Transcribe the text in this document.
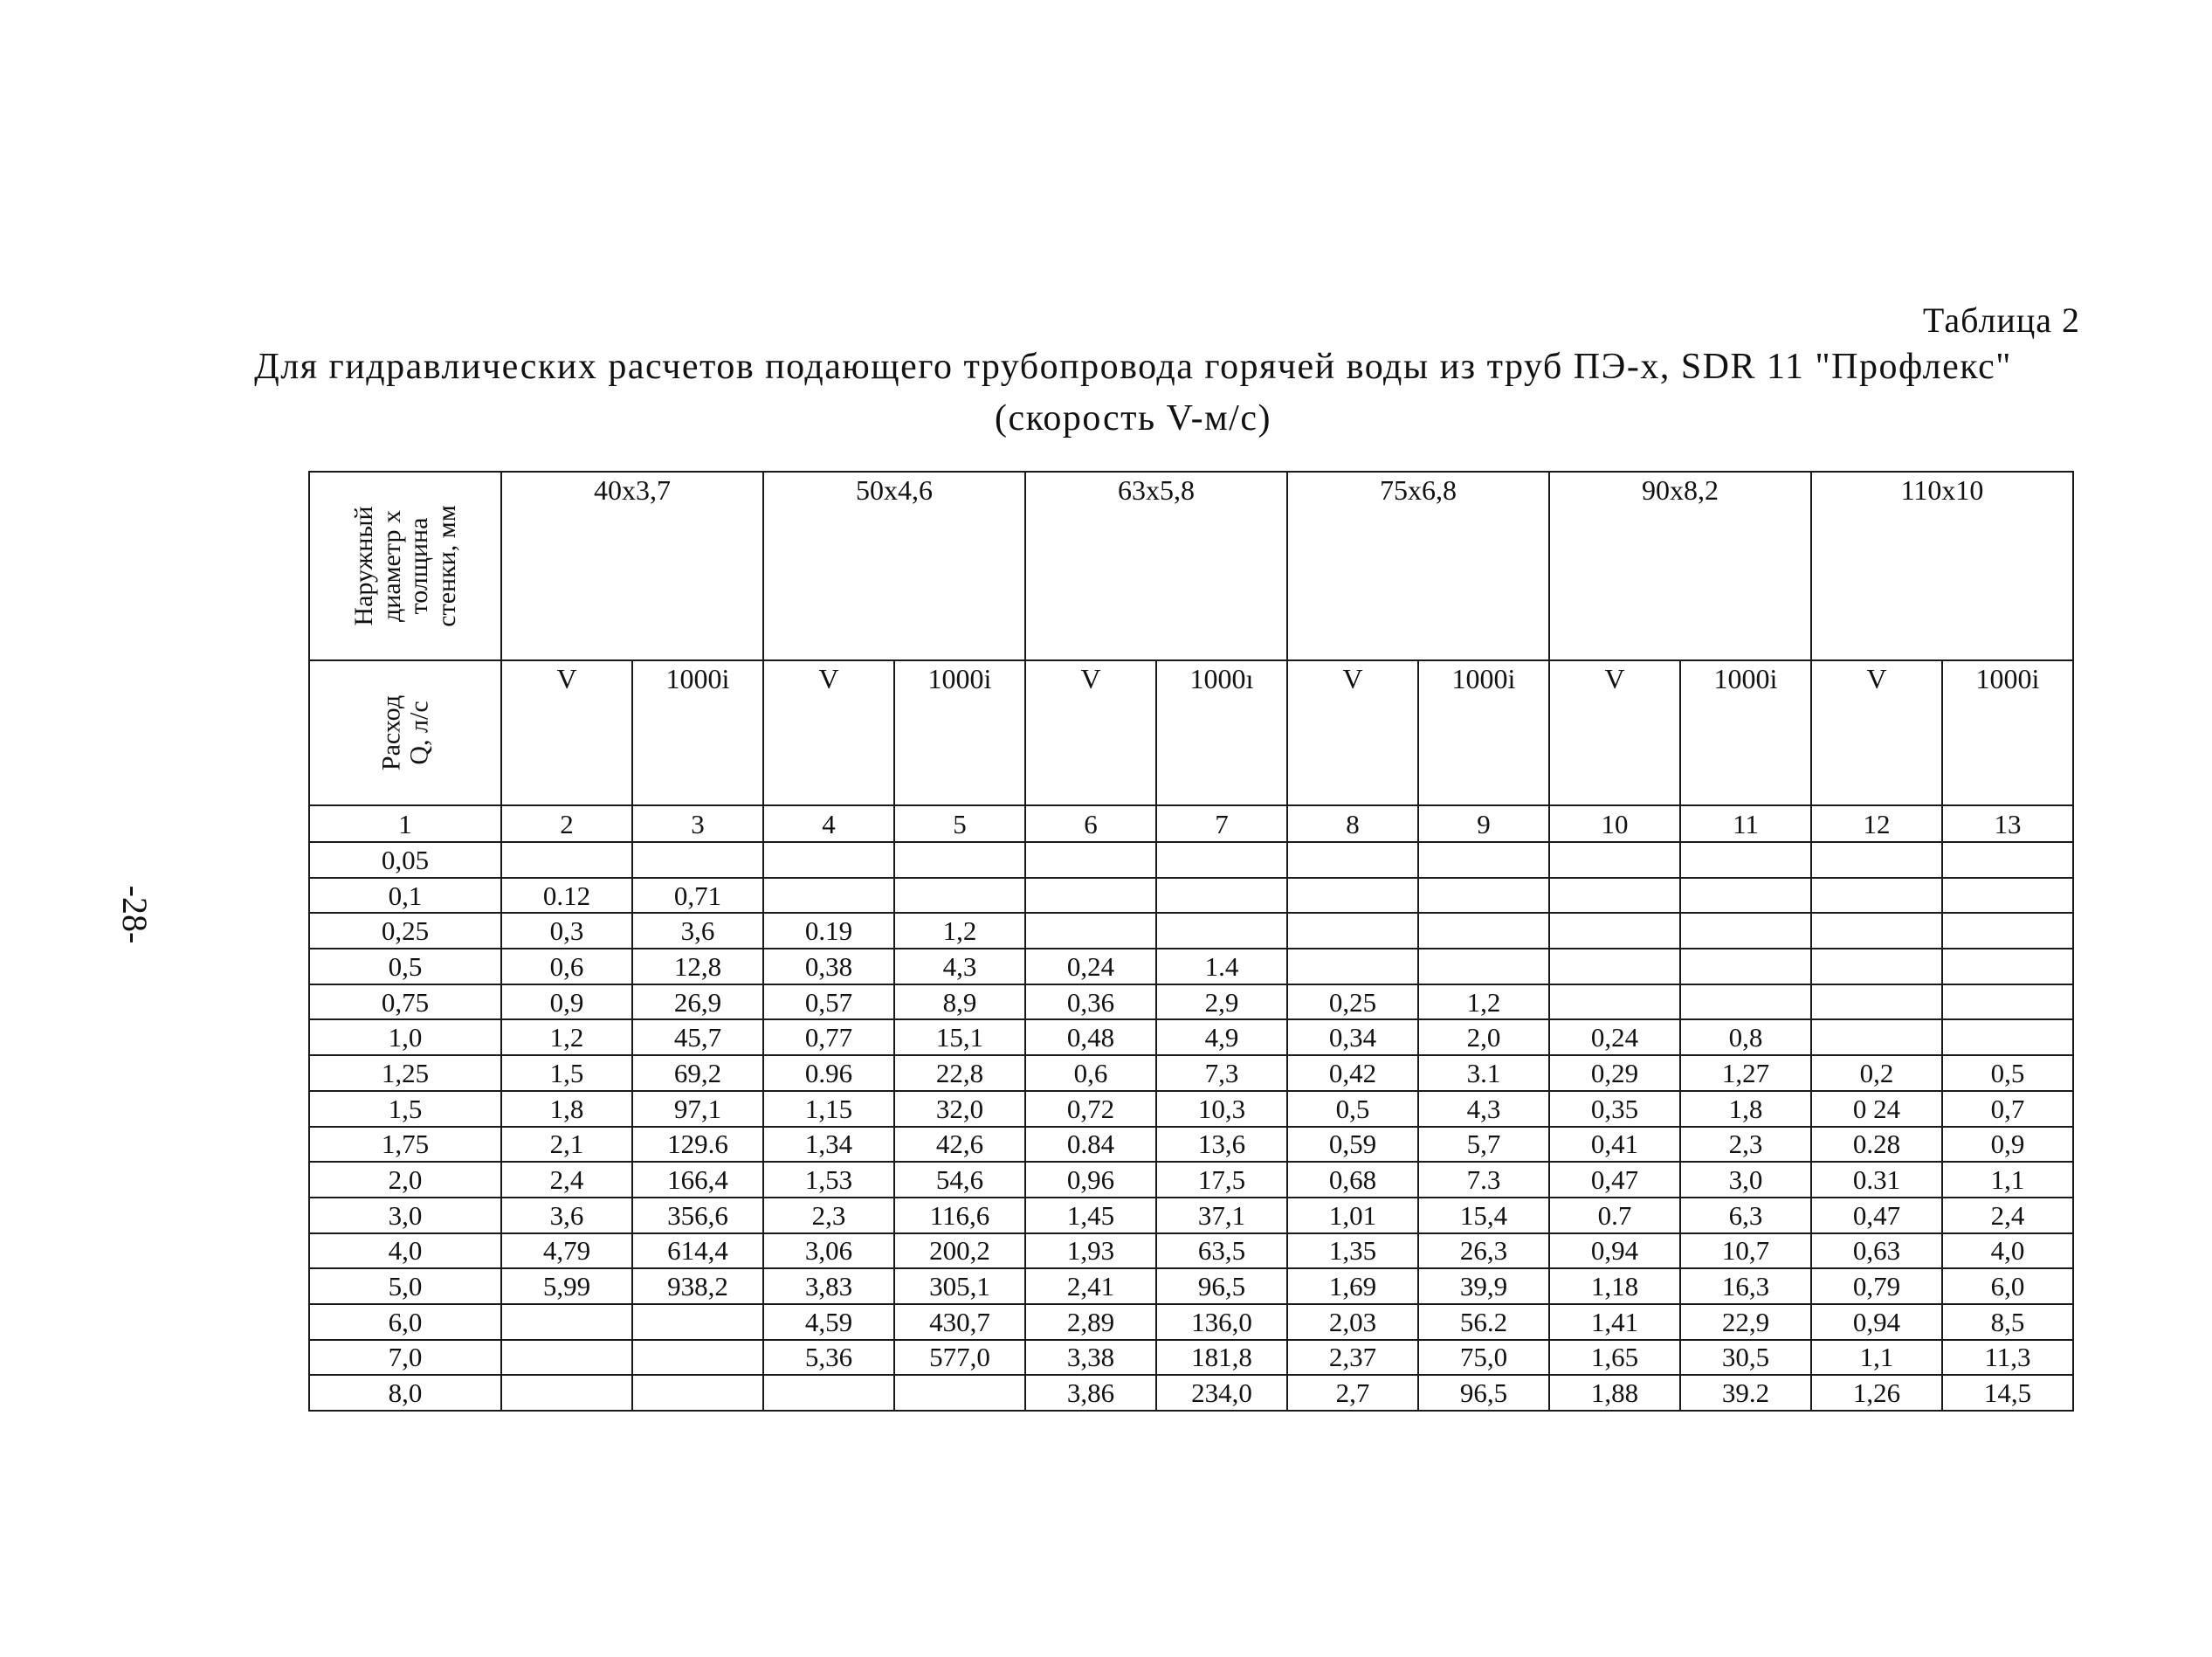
Таблица 2
Для гидравлических расчетов подающего трубопровода горячей воды из труб ПЭ-х, SDR 11 "Профлекс"
(скорость V-м/с)
-28-
Наружный
диаметр х
толщина
стенки, мм	40х3,7		50х4,6		63х5,8		75х6,8		90х8,2		110х10	

Расход
Q, л/с	V	1000i	V	1000i	V	1000ı	V	1000i	V	1000i	V	1000i
1	2	3	4	5	6	7	8	9	10	11	12	13
0,05												
0,1	0.12	0,71										
0,25	0,3	3,6	0.19	1,2								
0,5	0,6	12,8	0,38	4,3	0,24	1.4						
0,75	0,9	26,9	0,57	8,9	0,36	2,9	0,25	1,2				
1,0	1,2	45,7	0,77	15,1	0,48	4,9	0,34	2,0	0,24	0,8		
1,25	1,5	69,2	0.96	22,8	0,6	7,3	0,42	3.1	0,29	1,27	0,2	0,5
1,5	1,8	97,1	1,15	32,0	0,72	10,3	0,5	4,3	0,35	1,8	0 24	0,7
1,75	2,1	129.6	1,34	42,6	0.84	13,6	0,59	5,7	0,41	2,3	0.28	0,9
2,0	2,4	166,4	1,53	54,6	0,96	17,5	0,68	7.3	0,47	3,0	0.31	1,1
3,0	3,6	356,6	2,3	116,6	1,45	37,1	1,01	15,4	0.7	6,3	0,47	2,4
4,0	4,79	614,4	3,06	200,2	1,93	63,5	1,35	26,3	0,94	10,7	0,63	4,0
5,0	5,99	938,2	3,83	305,1	2,41	96,5	1,69	39,9	1,18	16,3	0,79	6,0
6,0			4,59	430,7	2,89	136,0	2,03	56.2	1,41	22,9	0,94	8,5
7,0			5,36	577,0	3,38	181,8	2,37	75,0	1,65	30,5	1,1	11,3
8,0					3,86	234,0	2,7	96,5	1,88	39.2	1,26	14,5
